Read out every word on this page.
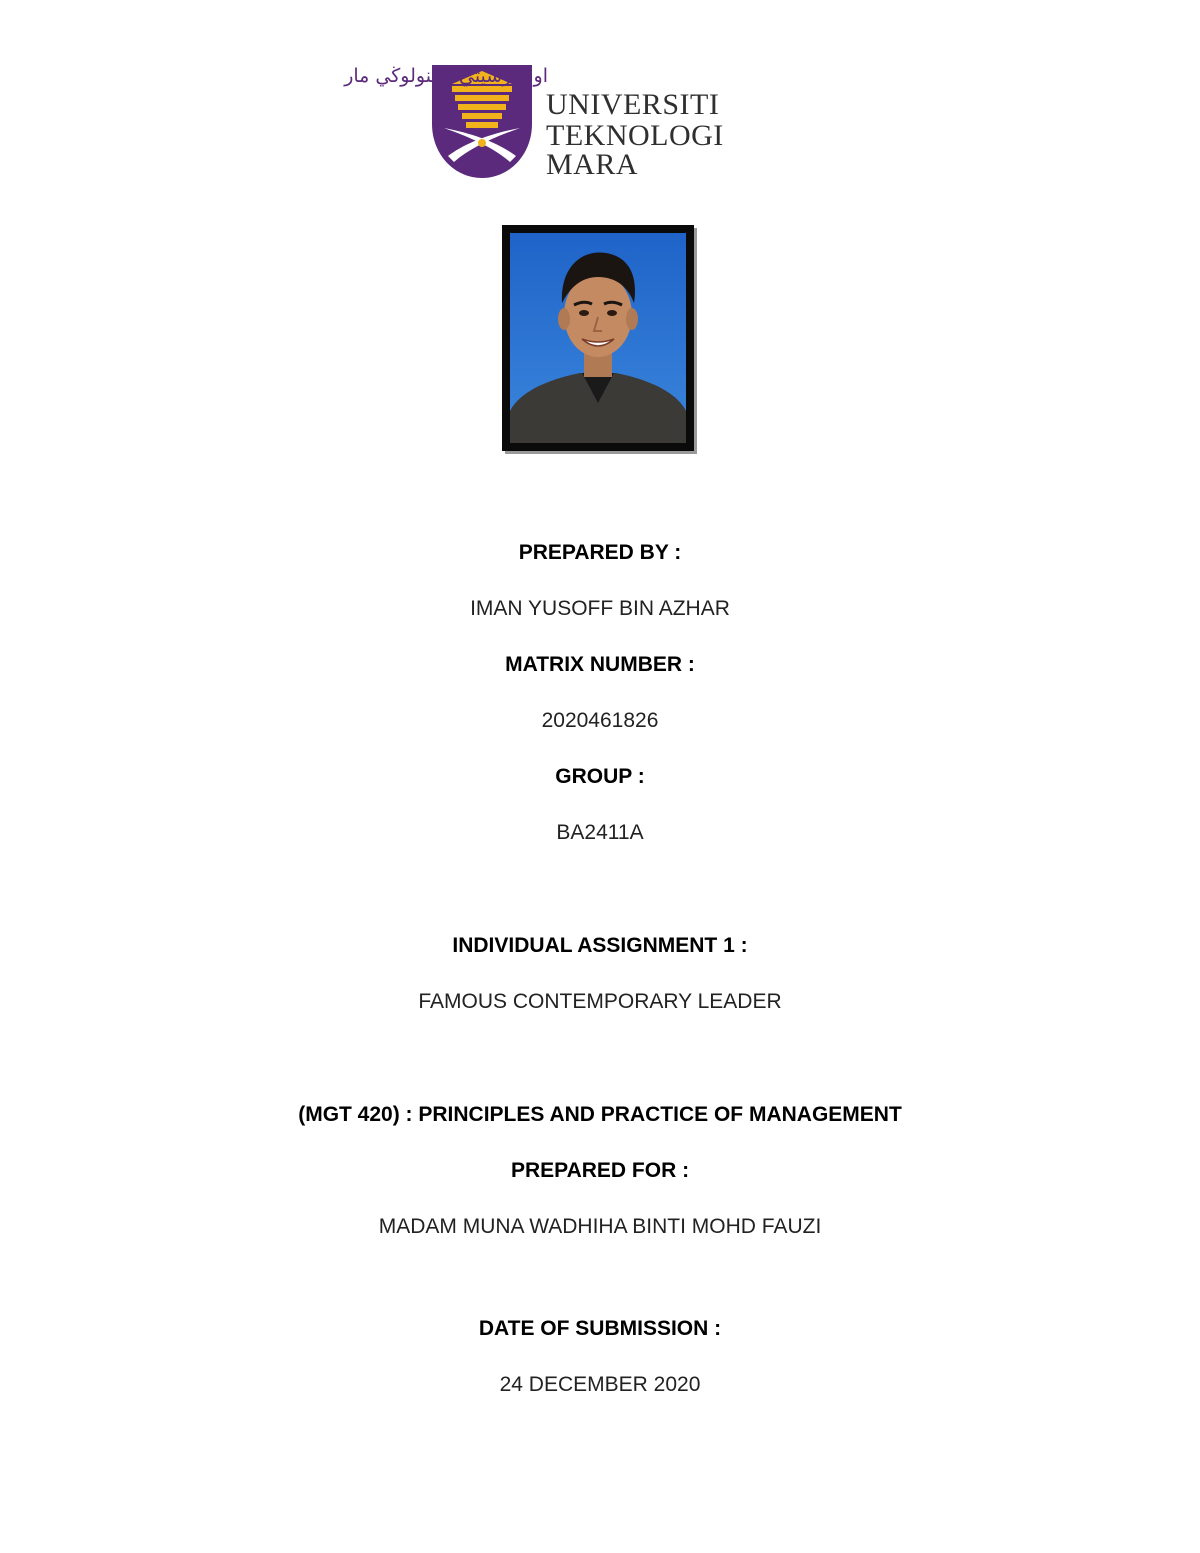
اونيۏرسيتي تيكنولوڬي مار
UNIVERSITI
TEKNOLOGI
MARA
PREPARED BY :
IMAN YUSOFF BIN AZHAR
MATRIX NUMBER :
2020461826
GROUP :
BA2411A
INDIVIDUAL ASSIGNMENT 1 :
FAMOUS CONTEMPORARY LEADER
(MGT 420) : PRINCIPLES AND PRACTICE OF MANAGEMENT
PREPARED FOR :
MADAM MUNA WADHIHA BINTI MOHD FAUZI
DATE OF SUBMISSION :
24 DECEMBER 2020
